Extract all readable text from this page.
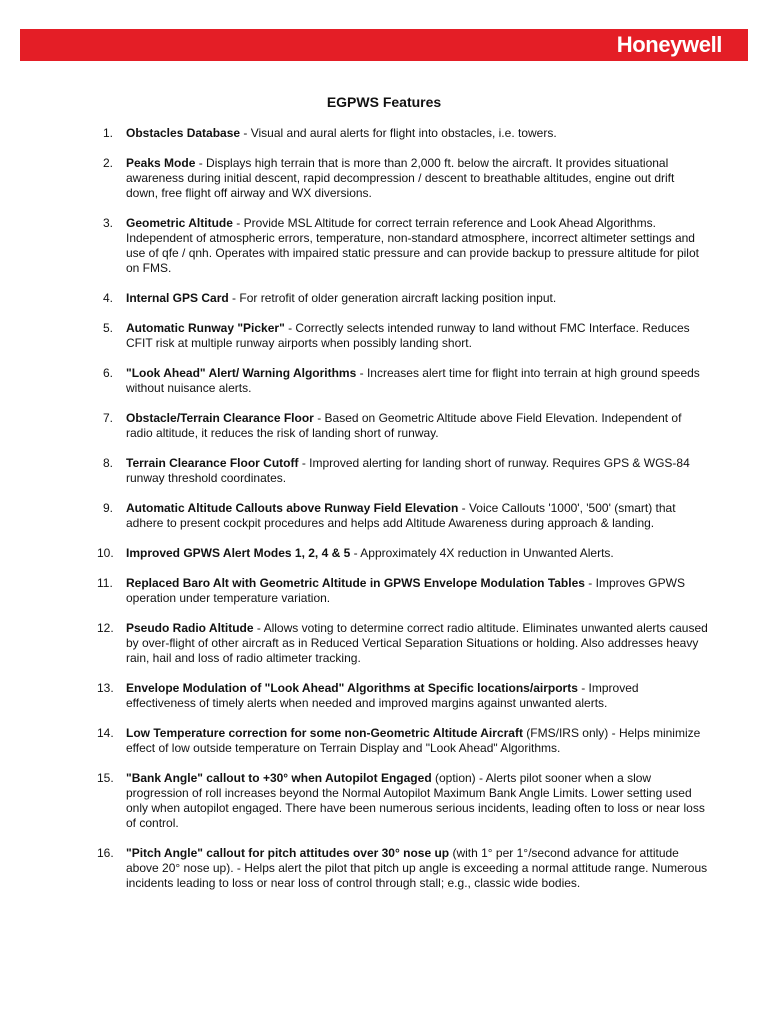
Honeywell
EGPWS Features
1. Obstacles Database - Visual and aural alerts for flight into obstacles, i.e. towers.
2. Peaks Mode - Displays high terrain that is more than 2,000 ft. below the aircraft. It provides situational awareness during initial descent, rapid decompression / descent to breathable altitudes, engine out drift down, free flight off airway and WX diversions.
3. Geometric Altitude - Provide MSL Altitude for correct terrain reference and Look Ahead Algorithms. Independent of atmospheric errors, temperature, non-standard atmosphere, incorrect altimeter settings and use of qfe / qnh. Operates with impaired static pressure and can provide backup to pressure altitude for pilot on FMS.
4. Internal GPS Card - For retrofit of older generation aircraft lacking position input.
5. Automatic Runway "Picker" - Correctly selects intended runway to land without FMC Interface. Reduces CFIT risk at multiple runway airports when possibly landing short.
6. "Look Ahead" Alert/ Warning Algorithms - Increases alert time for flight into terrain at high ground speeds without nuisance alerts.
7. Obstacle/Terrain Clearance Floor - Based on Geometric Altitude above Field Elevation. Independent of radio altitude, it reduces the risk of landing short of runway.
8. Terrain Clearance Floor Cutoff - Improved alerting for landing short of runway. Requires GPS & WGS-84 runway threshold coordinates.
9. Automatic Altitude Callouts above Runway Field Elevation - Voice Callouts '1000', '500' (smart) that adhere to present cockpit procedures and helps add Altitude Awareness during approach & landing.
10. Improved GPWS Alert Modes 1, 2, 4 & 5 - Approximately 4X reduction in Unwanted Alerts.
11. Replaced Baro Alt with Geometric Altitude in GPWS Envelope Modulation Tables - Improves GPWS operation under temperature variation.
12. Pseudo Radio Altitude - Allows voting to determine correct radio altitude. Eliminates unwanted alerts caused by over-flight of other aircraft as in Reduced Vertical Separation Situations or holding. Also addresses heavy rain, hail and loss of radio altimeter tracking.
13. Envelope Modulation of "Look Ahead" Algorithms at Specific locations/airports - Improved effectiveness of timely alerts when needed and improved margins against unwanted alerts.
14. Low Temperature correction for some non-Geometric Altitude Aircraft (FMS/IRS only) - Helps minimize effect of low outside temperature on Terrain Display and "Look Ahead" Algorithms.
15. "Bank Angle" callout to +30° when Autopilot Engaged (option) - Alerts pilot sooner when a slow progression of roll increases beyond the Normal Autopilot Maximum Bank Angle Limits. Lower setting used only when autopilot engaged. There have been numerous serious incidents, leading often to loss or near loss of control.
16. "Pitch Angle" callout for pitch attitudes over 30° nose up (with 1° per 1°/second advance for attitude above 20° nose up). - Helps alert the pilot that pitch up angle is exceeding a normal attitude range. Numerous incidents leading to loss or near loss of control through stall; e.g., classic wide bodies.
